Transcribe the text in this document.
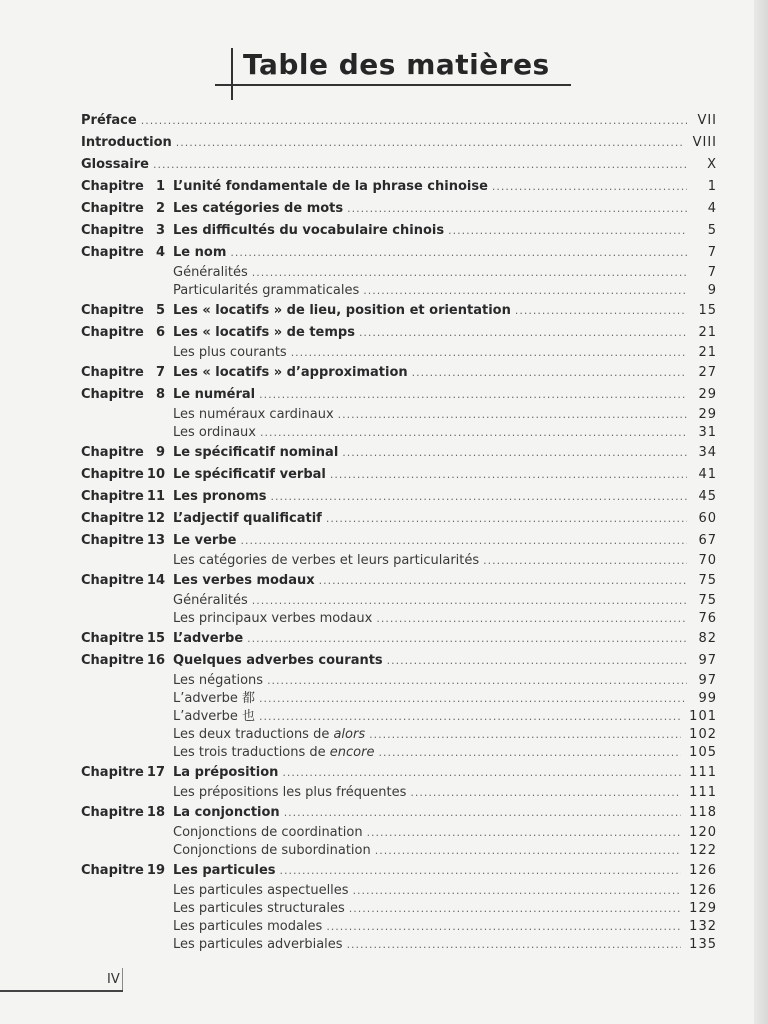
Table des matières
Préface .....	VII
Introduction .....	VIII
Glossaire .....	X
Chapitre 1 L’unité fondamentale de la phrase chinoise .....	1
Chapitre 2 Les catégories de mots .....	4
Chapitre 3 Les difficultés du vocabulaire chinois .....	5
Chapitre 4 Le nom .....	7
Généralités .....	7
Particularités grammaticales .....	9
Chapitre 5 Les « locatifs » de lieu, position et orientation .....	15
Chapitre 6 Les « locatifs » de temps .....	21
Les plus courants .....	21
Chapitre 7 Les « locatifs » d’approximation .....	27
Chapitre 8 Le numéral .....	29
Les numéraux cardinaux .....	29
Les ordinaux .....	31
Chapitre 9 Le spécificatif nominal .....	34
Chapitre 10 Le spécificatif verbal .....	41
Chapitre 11 Les pronoms .....	45
Chapitre 12 L’adjectif qualificatif .....	60
Chapitre 13 Le verbe .....	67
Les catégories de verbes et leurs particularités .....	70
Chapitre 14 Les verbes modaux .....	75
Généralités .....	75
Les principaux verbes modaux .....	76
Chapitre 15 L’adverbe .....	82
Chapitre 16 Quelques adverbes courants .....	97
Les négations .....	97
L’adverbe 都 .....	99
L’adverbe 也 .....	101
Les deux traductions de alors .....	102
Les trois traductions de encore .....	105
Chapitre 17 La préposition .....	111
Les prépositions les plus fréquentes .....	111
Chapitre 18 La conjonction .....	118
Conjonctions de coordination .....	120
Conjonctions de subordination .....	122
Chapitre 19 Les particules .....	126
Les particules aspectuelles .....	126
Les particules structurales .....	129
Les particules modales .....	132
Les particules adverbiales .....	135
IV
